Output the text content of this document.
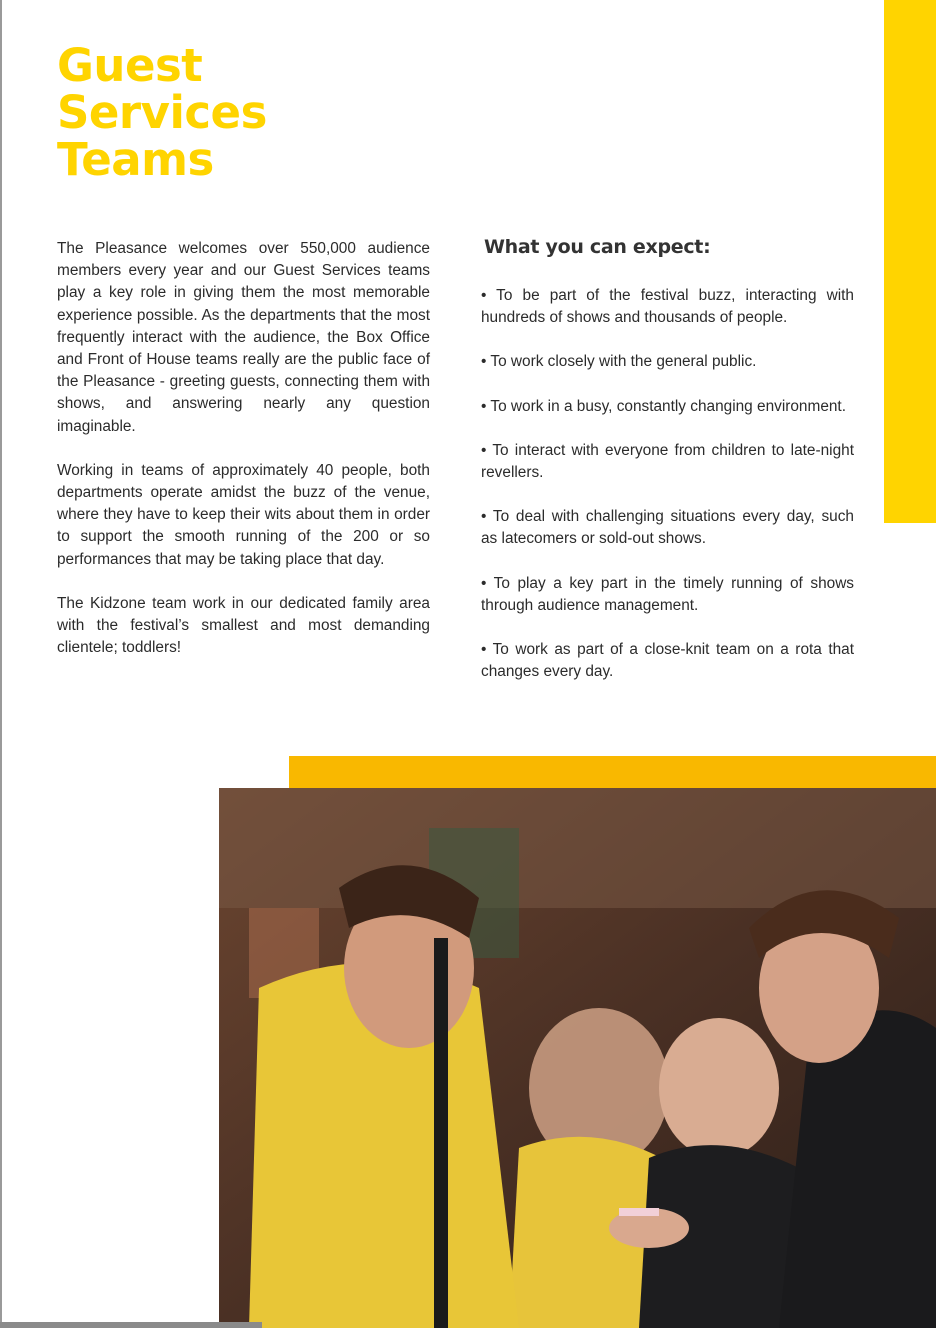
Guest
Services
Teams

The Pleasance welcomes over 550,000 audience members every year and our Guest Services teams play a key role in giving them the most memorable experience possible. As the departments that the most frequently interact with the audience, the Box Office and Front of House teams really are the public face of the Pleasance - greeting guests, connecting them with shows, and answering nearly any question imaginable.

Working in teams of approximately 40 people, both departments operate amidst the buzz of the venue, where they have to keep their wits about them in order to support the smooth running of the 200 or so performances that may be taking place that day.

The Kidzone team work in our dedicated family area with the festival’s smallest and most demanding clientele; toddlers!

What you can expect:
• To be part of the festival buzz, interacting with hundreds of shows and thousands of people.
• To work closely with the general public.
• To work in a busy, constantly changing environment.
• To interact with everyone from children to late-night revellers.
• To deal with challenging situations every day, such as latecomers or sold-out shows.
• To play a key part in the timely running of shows through audience management.
• To work as part of a close-knit team on a rota that changes every day.
